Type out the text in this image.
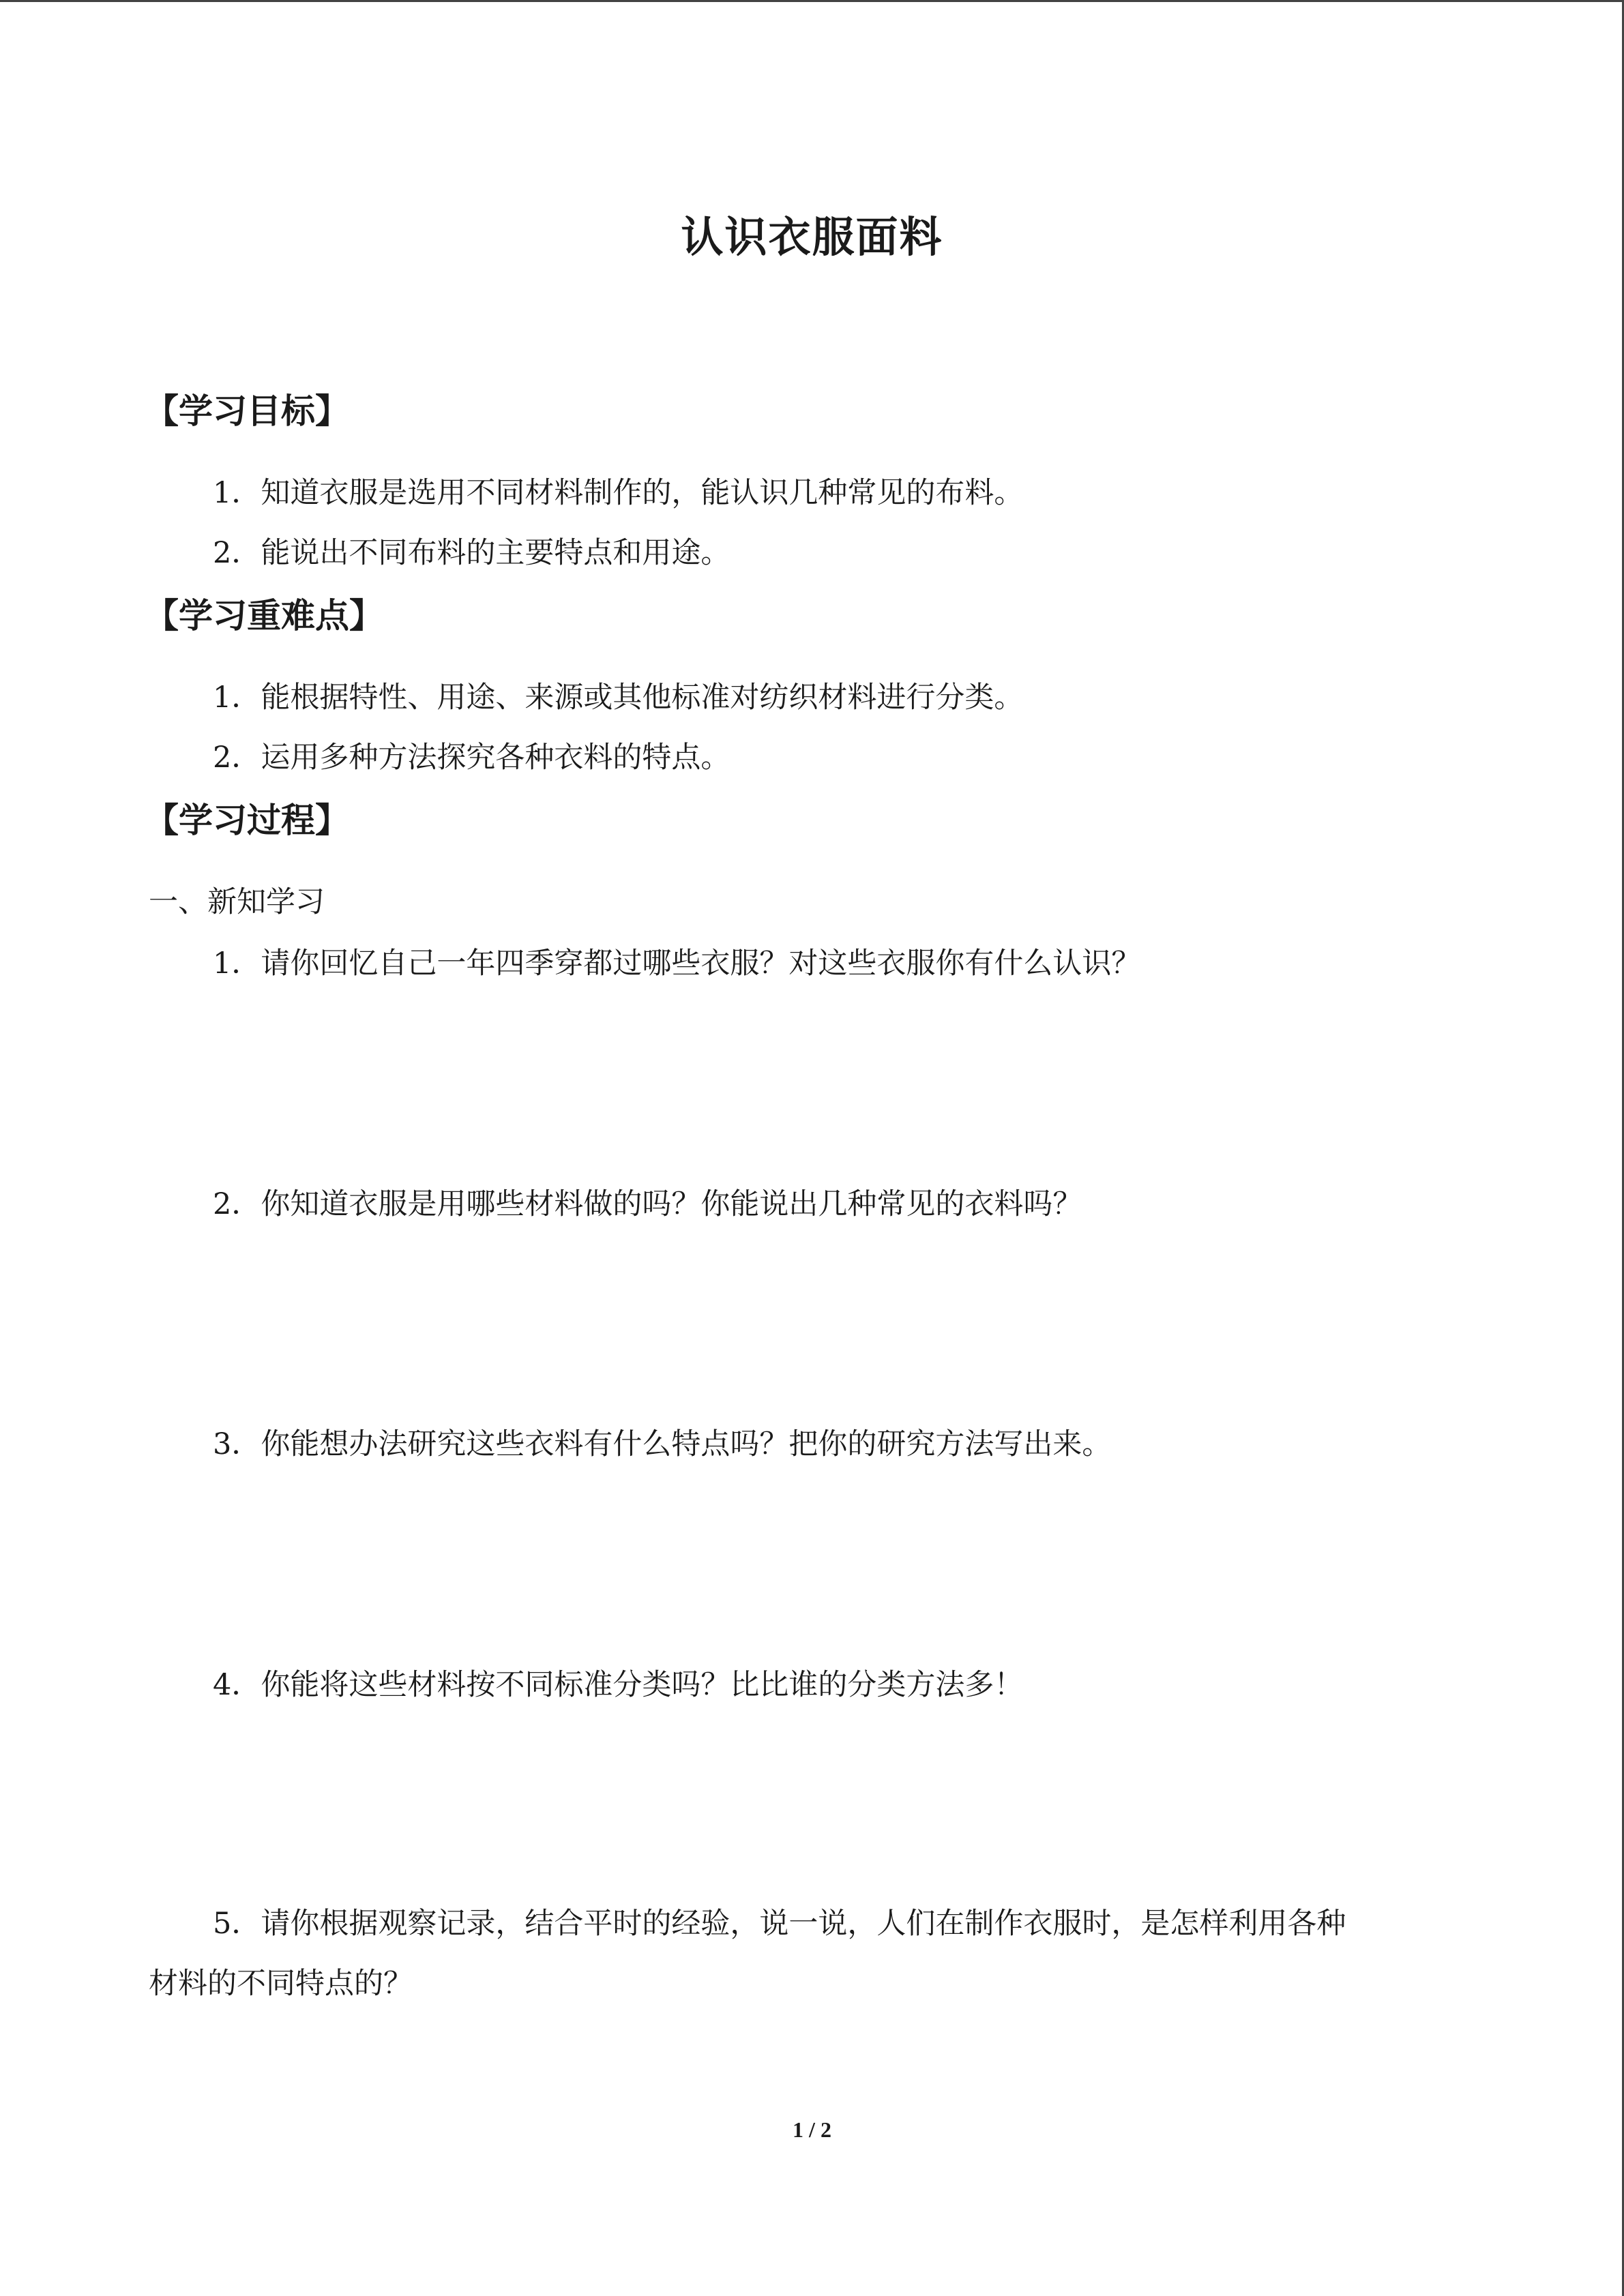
认识衣服面料
【学习目标】
1．知道衣服是选用不同材料制作的，能认识几种常见的布料。
2．能说出不同布料的主要特点和用途。
【学习重难点】
1．能根据特性、用途、来源或其他标准对纺织材料进行分类。
2．运用多种方法探究各种衣料的特点。
【学习过程】
一、新知学习
1．请你回忆自己一年四季穿都过哪些衣服？对这些衣服你有什么认识？
2．你知道衣服是用哪些材料做的吗？你能说出几种常见的衣料吗？
3．你能想办法研究这些衣料有什么特点吗？把你的研究方法写出来。
4．你能将这些材料按不同标准分类吗？比比谁的分类方法多！
5．请你根据观察记录，结合平时的经验，说一说，人们在制作衣服时，是怎样利用各种
材料的不同特点的？
1 / 2
